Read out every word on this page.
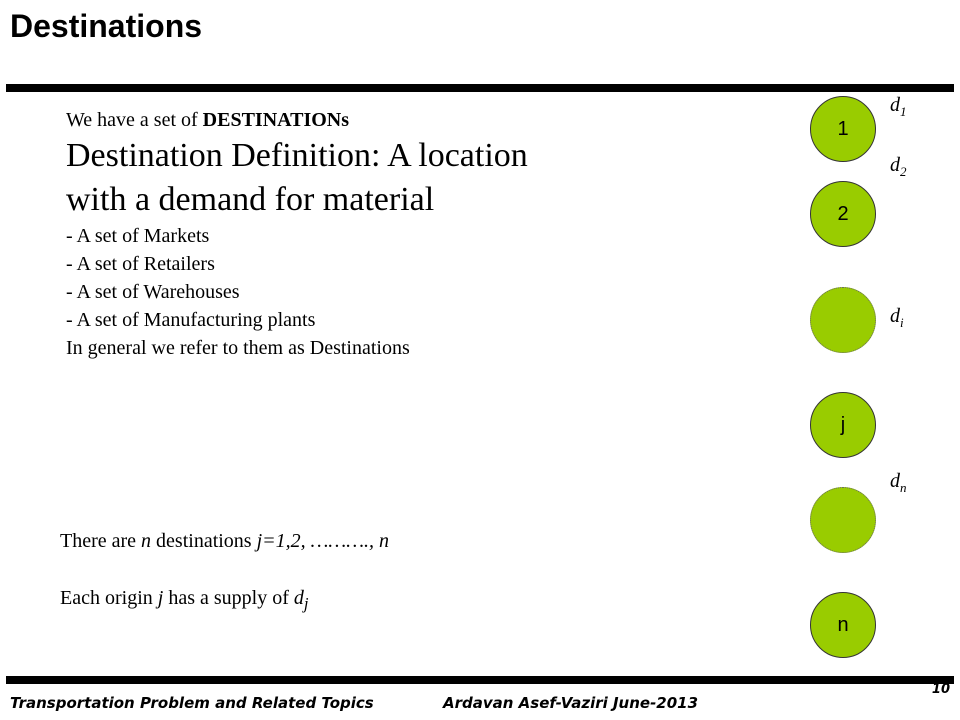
Destinations
We have a set of DESTINATIONs
Destination Definition: A location
with a demand for material
- A set of Markets
- A set of Retailers
- A set of Warehouses
- A set of Manufacturing plants
In general we refer to them as Destinations
There are n destinations j=1,2, ………., n
Each origin j has a supply of $d_j$
1
2
j
n
$d_1$
$d_2$
$d_i$
$d_n$
10
Transportation Problem and Related Topics	Ardavan Asef-Vaziri June-2013
